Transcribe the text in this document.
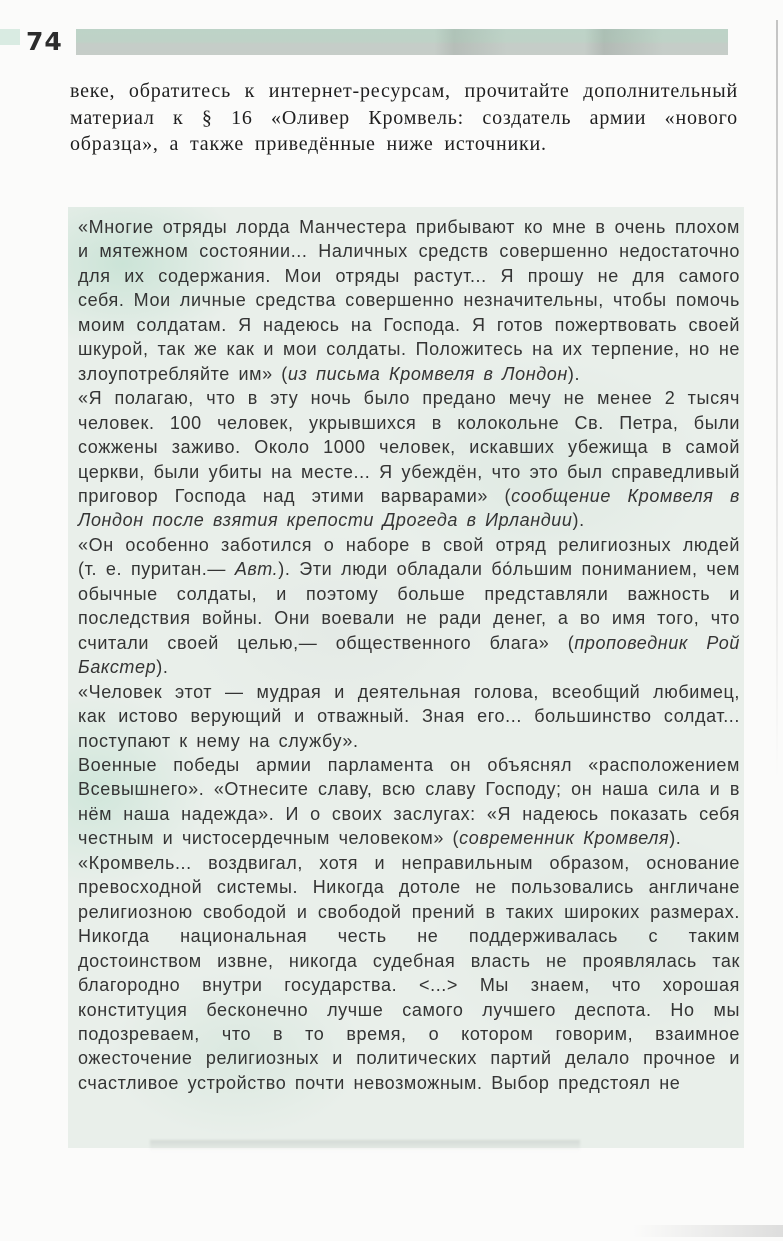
74

веке, обратитесь к интернет-ресурсам, прочитайте дополнительный материал к § 16 «Оливер Кромвель: создатель армии «нового образца», а также приведённые ниже источники.

«Многие отряды лорда Манчестера прибывают ко мне в очень плохом и мятежном состоянии... Наличных средств совершенно недостаточно для их содержания. Мои отряды растут... Я прошу не для самого себя. Мои личные средства совершенно незначительны, чтобы помочь моим солдатам. Я надеюсь на Господа. Я готов пожертвовать своей шкурой, так же как и мои солдаты. Положитесь на их терпение, но не злоупотребляйте им» (из письма Кромвеля в Лондон).

«Я полагаю, что в эту ночь было предано мечу не менее 2 тысяч человек. 100 человек, укрывшихся в колокольне Св. Петра, были сожжены заживо. Около 1000 человек, искавших убежища в самой церкви, были убиты на месте... Я убеждён, что это был справедливый приговор Господа над этими варварами» (сообщение Кромвеля в Лондон после взятия крепости Дрогеда в Ирландии).

«Он особенно заботился о наборе в свой отряд религиозных людей (т. е. пуритан.— Авт.). Эти люди обладали бо́льшим пониманием, чем обычные солдаты, и поэтому больше представляли важность и последствия войны. Они воевали не ради денег, а во имя того, что считали своей целью,— общественного блага» (проповедник Рой Бакстер).

«Человек этот — мудрая и деятельная голова, всеобщий любимец, как истово верующий и отважный. Зная его... большинство солдат... поступают к нему на службу».

Военные победы армии парламента он объяснял «расположением Всевышнего». «Отнесите славу, всю славу Господу; он наша сила и в нём наша надежда». И о своих заслугах: «Я надеюсь показать себя честным и чистосердечным человеком» (современник Кромвеля).

«Кромвель... воздвигал, хотя и неправильным образом, основание превосходной системы. Никогда дотоле не пользовались англичане религиозною свободой и свободой прений в таких широких размерах. Никогда национальная честь не поддерживалась с таким достоинством извне, никогда судебная власть не проявлялась так благородно внутри государства. <...> Мы знаем, что хорошая конституция бесконечно лучше самого лучшего деспота. Но мы подозреваем, что в то время, о котором говорим, взаимное ожесточение религиозных и политических партий делало прочное и счастливое устройство почти невозможным. Выбор предстоял не
